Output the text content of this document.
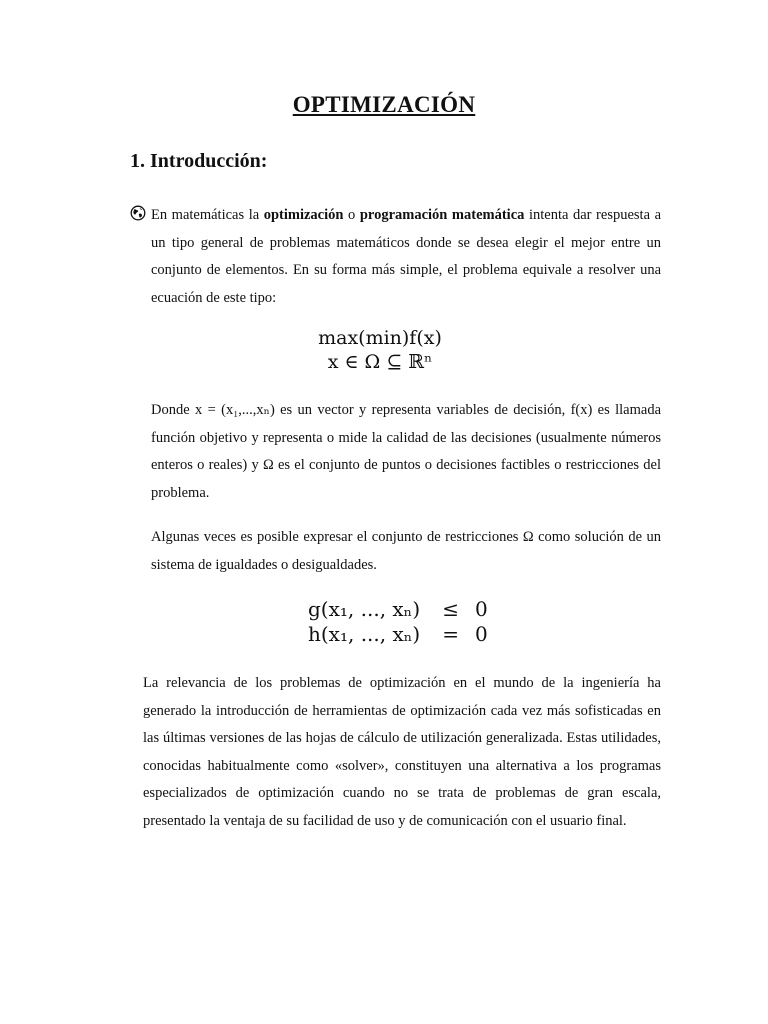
OPTIMIZACIÓN
1. Introducción:

En matemáticas la optimización o programación matemática intenta dar respuesta a un tipo general de problemas matemáticos donde se desea elegir el mejor entre un conjunto de elementos. En su forma más simple, el problema equivale a resolver una ecuación de este tipo:

max(min)f(x)
x ∈ Ω ⊆ ℝⁿ

Donde x = (x₁,...,xₙ) es un vector y representa variables de decisión, f(x) es llamada función objetivo y representa o mide la calidad de las decisiones (usualmente números enteros o reales) y Ω es el conjunto de puntos o decisiones factibles o restricciones del problema.

Algunas veces es posible expresar el conjunto de restricciones Ω como solución de un sistema de igualdades o desigualdades.

g(x₁, ..., xₙ)	≤	0
h(x₁, ..., xₙ)	=	0

La relevancia de los problemas de optimización en el mundo de la ingeniería ha generado la introducción de herramientas de optimización cada vez más sofisticadas en las últimas versiones de las hojas de cálculo de utilización generalizada. Estas utilidades, conocidas habitualmente como «solver», constituyen una alternativa a los programas especializados de optimización cuando no se trata de problemas de gran escala, presentado la ventaja de su facilidad de uso y de comunicación con el usuario final.
